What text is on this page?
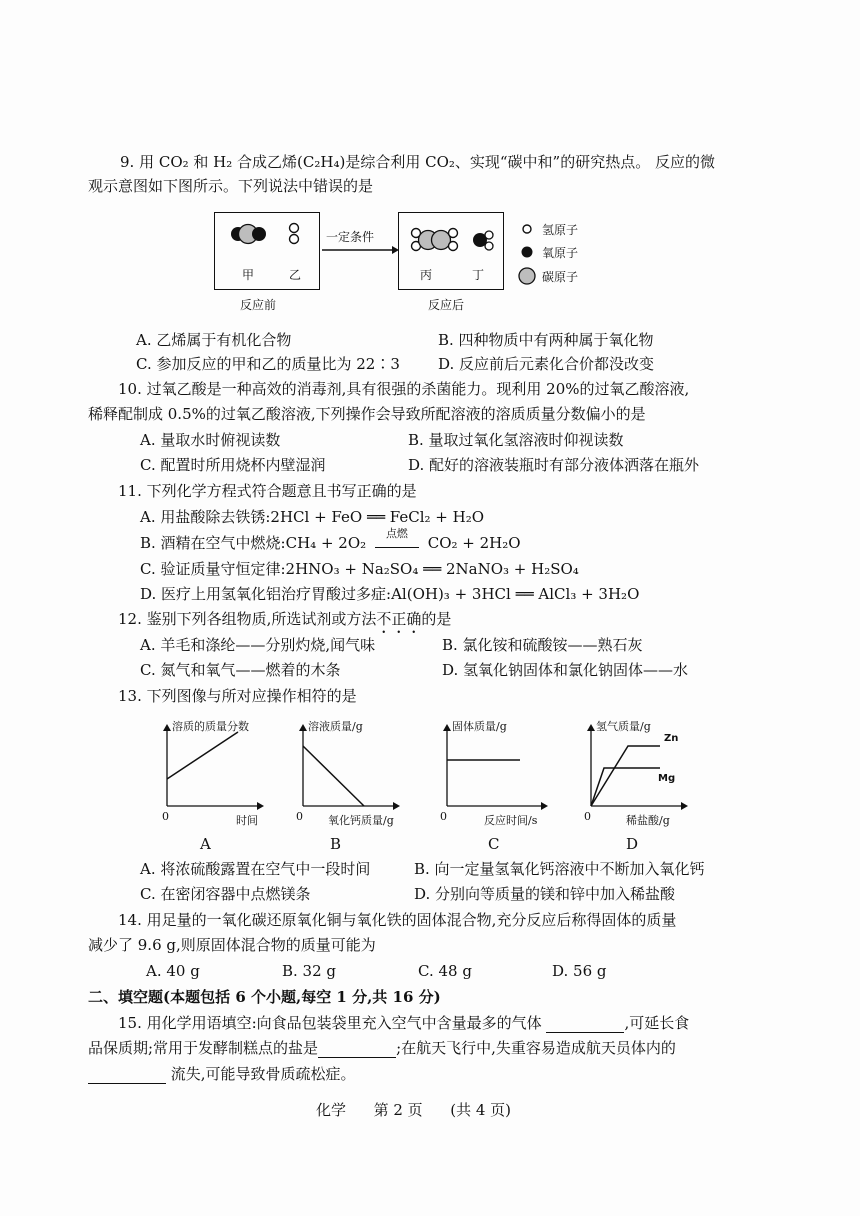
9. 用 CO₂ 和 H₂ 合成乙烯(C₂H₄)是综合利用 CO₂、实现“碳中和”的研究热点。 反应的微
观示意图如下图所示。下列说法中错误的是
甲	乙
反应前
一定条件
丙	丁
反应后
氢原子
氧原子
碳原子
A. 乙烯属于有机化合物	B. 四种物质中有两种属于氧化物
C. 参加反应的甲和乙的质量比为 22∶3	D. 反应前后元素化合价都没改变
10. 过氧乙酸是一种高效的消毒剂,具有很强的杀菌能力。现利用 20%的过氧乙酸溶液,
稀释配制成 0.5%的过氧乙酸溶液,下列操作会导致所配溶液的溶质质量分数偏小的是
A. 量取水时俯视读数	B. 量取过氧化氢溶液时仰视读数
C. 配置时所用烧杯内壁湿润	D. 配好的溶液装瓶时有部分液体洒落在瓶外
11. 下列化学方程式符合题意且书写正确的是
A. 用盐酸除去铁锈:2HCl + FeO ══ FeCl₂ + H₂O
B. 酒精在空气中燃烧:CH₄ + 2O₂
点燃
CO₂ + 2H₂O
C. 验证质量守恒定律:2HNO₃ + Na₂SO₄ ══ 2NaNO₃ + H₂SO₄
D. 医疗上用氢氧化铝治疗胃酸过多症:Al(OH)₃ + 3HCl ══ AlCl₃ + 3H₂O
12. 鉴别下列各组物质,所选试剂或方法不正确的是
A. 羊毛和涤纶——分别灼烧,闻气味	B. 氯化铵和硫酸铵——熟石灰
C. 氮气和氧气——燃着的木条	D. 氢氧化钠固体和氯化钠固体——水
13. 下列图像与所对应操作相符的是
溶质的质量分数
0	时间
A
溶液质量/g
0 氧化钙质量/g
B
固体质量/g
0	反应时间/s
C
氢气质量/g
Zn
Mg
0	稀盐酸/g
D
A. 将浓硫酸露置在空气中一段时间	B. 向一定量氢氧化钙溶液中不断加入氧化钙
C. 在密闭容器中点燃镁条	D. 分别向等质量的镁和锌中加入稀盐酸
14. 用足量的一氧化碳还原氧化铜与氧化铁的固体混合物,充分反应后称得固体的质量
减少了 9.6 g,则原固体混合物的质量可能为
A. 40 g	B. 32 g	C. 48 g	D. 56 g
二、填空题(本题包括 6 个小题,每空 1 分,共 16 分)
15. 用化学用语填空:向食品包装袋里充入空气中含量最多的气体	,可延长食
品保质期;常用于发酵制糕点的盐是	;在航天飞行中,失重容易造成航天员体内的
流失,可能导致骨质疏松症。
化学 第 2 页 (共 4 页)
